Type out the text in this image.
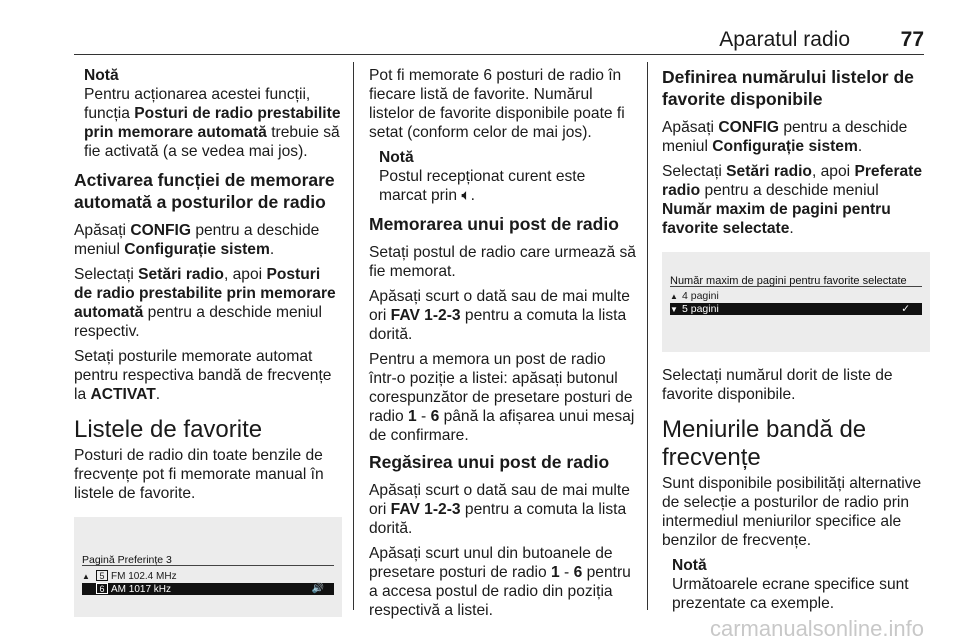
Aparatul radio 77
Notă
Pentru acționarea acestei funcții, funcția Posturi de radio prestabilite prin memorare automată trebuie să fie activată (a se vedea mai jos).
Activarea funcției de memorare automată a posturilor de radio

Apăsați CONFIG pentru a deschide meniul Configurație sistem.

Selectați Setări radio, apoi Posturi de radio prestabilite prin memorare automată pentru a deschide meniul respectiv.

Setați posturile memorate automat pentru respectiva bandă de frecvențe la ACTIVAT.

Listele de favorite

Posturi de radio din toate benzile de frecvențe pot fi memorate manual în listele de favorite.

Pagină Preferințe 3
▲ 5 FM 102.4 MHz
6 AM 1017 kHz	🔊

Pot fi memorate 6 posturi de radio în fiecare listă de favorite. Numărul listelor de favorite disponibile poate fi setat (conform celor de mai jos).

Notă
Postul recepționat curent este marcat prin 🔈︎.
Memorarea unui post de radio

Setați postul de radio care urmează să fie memorat.

Apăsați scurt o dată sau de mai multe ori FAV 1-2-3 pentru a comuta la lista dorită.

Pentru a memora un post de radio într-o poziție a listei: apăsați butonul corespunzător de presetare posturi de radio 1 - 6 până la afișarea unui mesaj de confirmare.

Regăsirea unui post de radio

Apăsați scurt o dată sau de mai multe ori FAV 1-2-3 pentru a comuta la lista dorită.

Apăsați scurt unul din butoanele de presetare posturi de radio 1 - 6 pentru a accesa postul de radio din poziția respectivă a listei.

Definirea numărului listelor de favorite disponibile

Apăsați CONFIG pentru a deschide meniul Configurație sistem.

Selectați Setări radio, apoi Preferate radio pentru a deschide meniul Număr maxim de pagini pentru favorite selectate.

Număr maxim de pagini pentru favorite selectate
▲ 4 pagini
▼ 5 pagini	✓

Selectați numărul dorit de liste de favorite disponibile.

Meniurile bandă de frecvențe

Sunt disponibile posibilități alternative de selecție a posturilor de radio prin intermediul meniurilor specifice ale benzilor de frecvențe.

Notă
Următoarele ecrane specifice sunt prezentate ca exemple.
carmanualsonline.info
